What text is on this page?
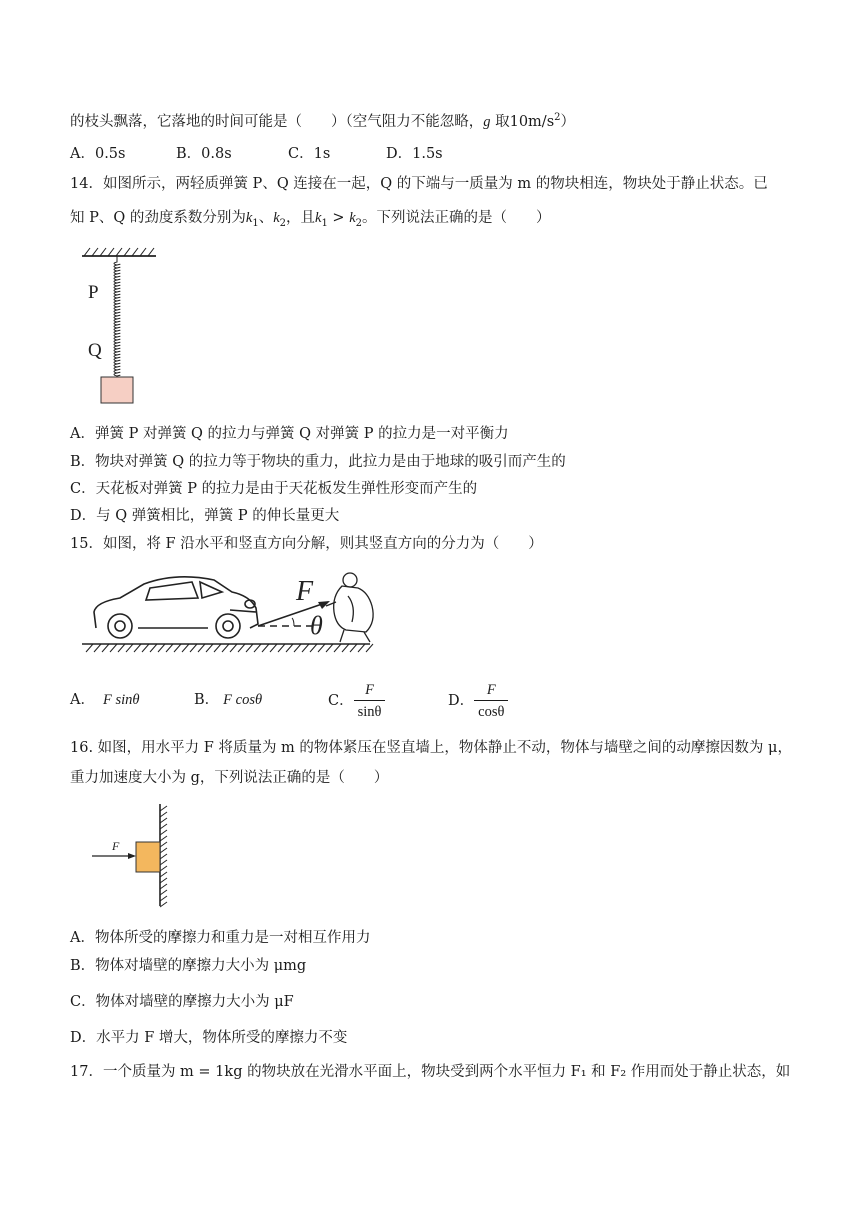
的枝头飘落，它落地的时间可能是（　　）（空气阻力不能忽略，g 取$10m/s^2$）
A．0.5s	B．0.8s	C．1s	D．1.5s
14．如图所示，两轻质弹簧 P、Q 连接在一起，Q 的下端与一质量为 m 的物块相连，物块处于静止状态。已
知 P、Q 的劲度系数分别为$k_1$、$k_2$，且$k_1 > k_2$。下列说法正确的是（　　）
P
Q
A．弹簧 P 对弹簧 Q 的拉力与弹簧 Q 对弹簧 P 的拉力是一对平衡力
B．物块对弹簧 Q 的拉力等于物块的重力，此拉力是由于地球的吸引而产生的
C．天花板对弹簧 P 的拉力是由于天花板发生弹性形变而产生的
D．与 Q 弹簧相比，弹簧 P 的伸长量更大
15．如图，将 F 沿水平和竖直方向分解，则其竖直方向的分力为（　　）
F
θ
A． F sinθ	B． F cosθ	C． $\frac{F}{\sin\theta}$	D． $\frac{F}{\cos\theta}$
16. 如图，用水平力 F 将质量为 m 的物体紧压在竖直墙上，物体静止不动，物体与墙壁之间的动摩擦因数为 μ，
重力加速度大小为 g，下列说法正确的是（　　）
F
A．物体所受的摩擦力和重力是一对相互作用力
B．物体对墙壁的摩擦力大小为 μmg
C．物体对墙壁的摩擦力大小为 μF
D．水平力 F 增大，物体所受的摩擦力不变
17．一个质量为 m = 1kg 的物块放在光滑水平面上，物块受到两个水平恒力 F₁ 和 F₂ 作用而处于静止状态，如
